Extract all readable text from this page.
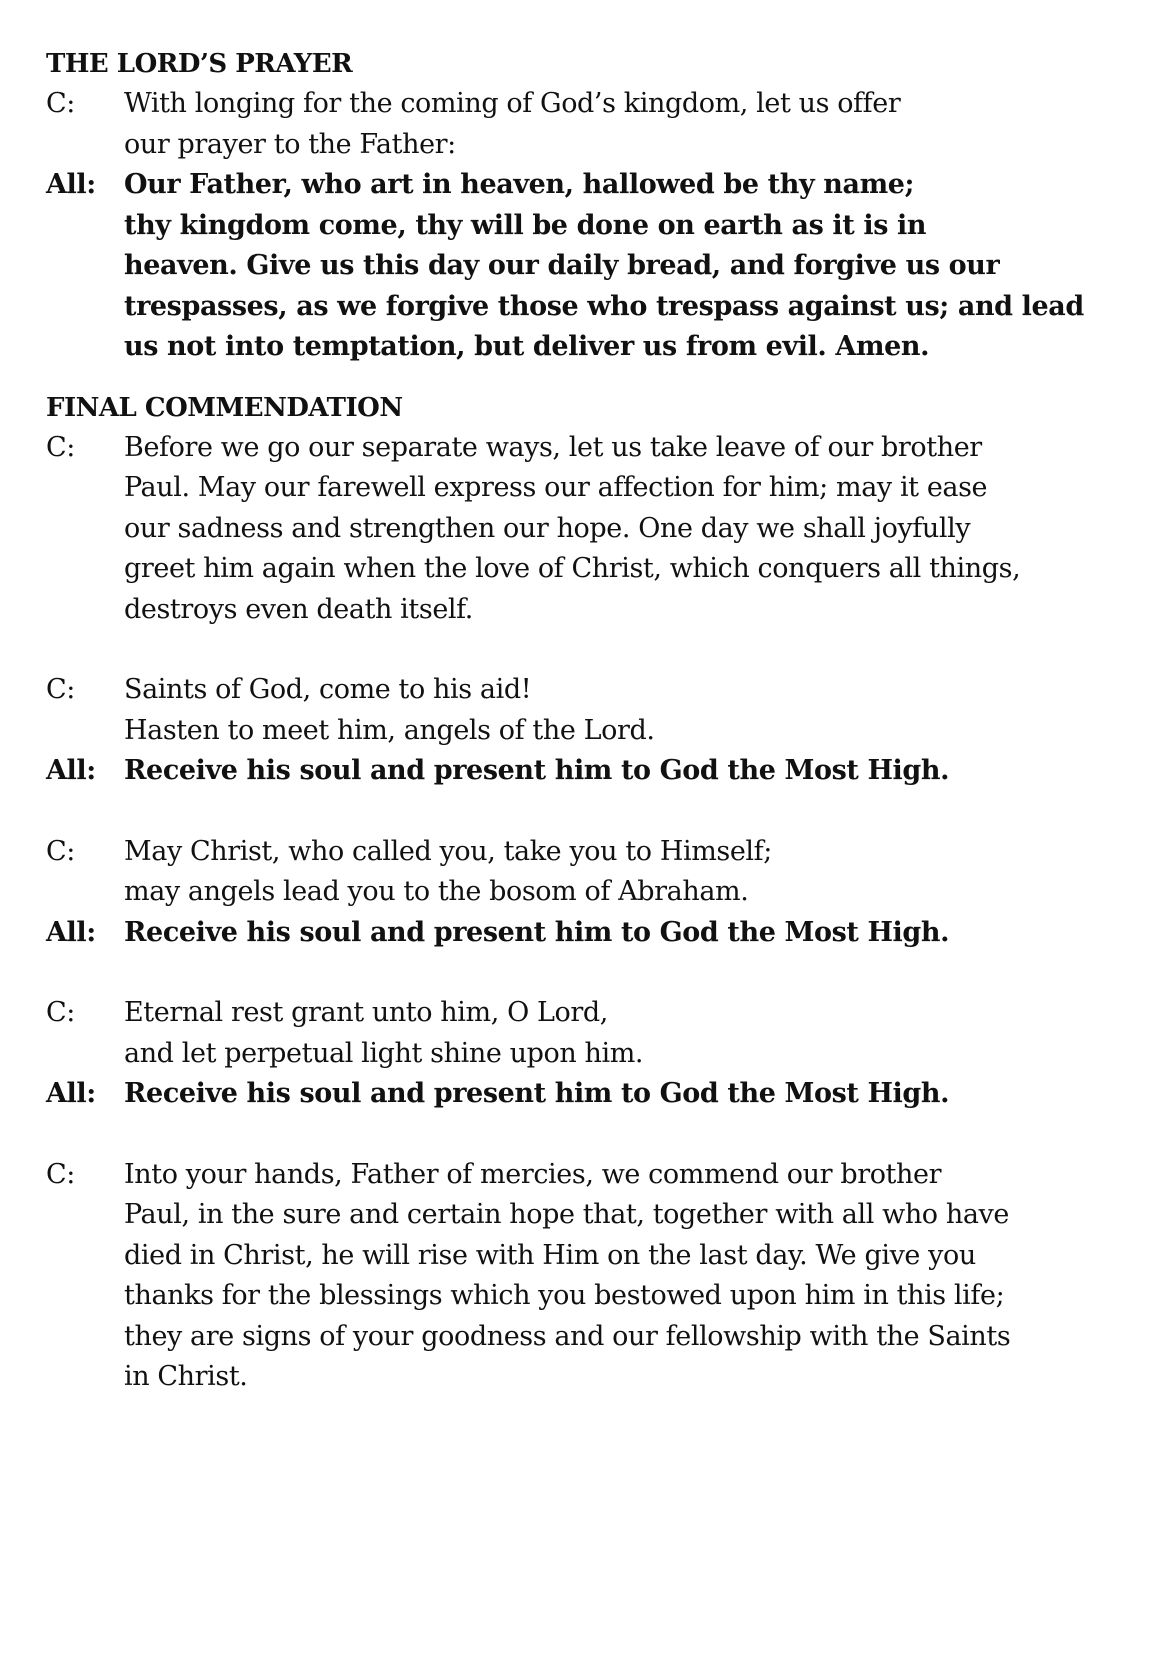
THE LORD’S PRAYER
C:	With longing for the coming of God’s kingdom, let us offer
our prayer to the Father:
All:	Our Father, who art in heaven, hallowed be thy name;
thy kingdom come, thy will be done on earth as it is in
heaven. Give us this day our daily bread, and forgive us our
trespasses, as we forgive those who trespass against us; and lead
us not into temptation, but deliver us from evil. Amen.
FINAL COMMENDATION
C:	Before we go our separate ways, let us take leave of our brother
Paul. May our farewell express our affection for him; may it ease
our sadness and strengthen our hope. One day we shall joyfully
greet him again when the love of Christ, which conquers all things,
destroys even death itself.
C:	Saints of God, come to his aid!
Hasten to meet him, angels of the Lord.
All:	Receive his soul and present him to God the Most High.
C:	May Christ, who called you, take you to Himself;
may angels lead you to the bosom of Abraham.
All:	Receive his soul and present him to God the Most High.
C:	Eternal rest grant unto him, O Lord,
and let perpetual light shine upon him.
All:	Receive his soul and present him to God the Most High.
C:	Into your hands, Father of mercies, we commend our brother
Paul, in the sure and certain hope that, together with all who have
died in Christ, he will rise with Him on the last day. We give you
thanks for the blessings which you bestowed upon him in this life;
they are signs of your goodness and our fellowship with the Saints
in Christ.
